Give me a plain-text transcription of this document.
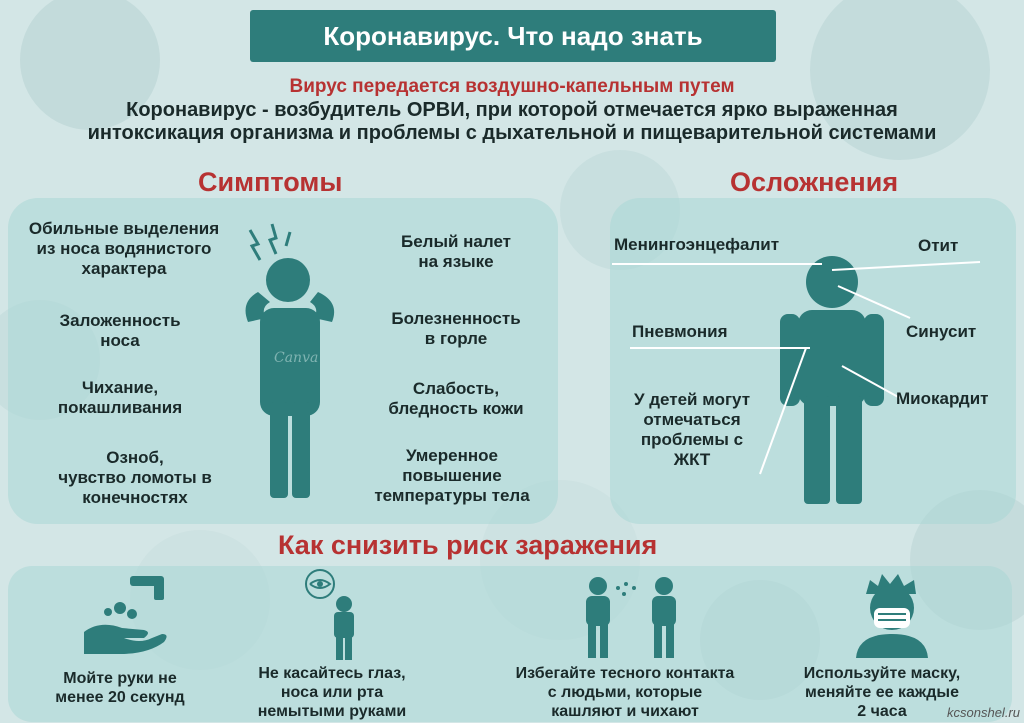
Коронавирус. Что надо знать
Вирус передается воздушно-капельным путем
Коронавирус - возбудитель ОРВИ, при которой отмечается ярко выраженная
интоксикация организма и проблемы с дыхательной и пищеварительной системами
Симптомы
Обильные выделения
из носа водянистого
характера
Заложенность
носа
Чихание,
покашливания
Озноб,
чувство ломоты в
конечностях
Белый налет
на языке
Болезненность
в горле
Слабость,
бледность кожи
Умеренное
повышение
температуры тела
Canva
Осложнения
Менингоэнцефалит	Отит
Пневмония	Синусит
Миокардит
У детей могут
отмечаться
проблемы с
ЖКТ
Как снизить риск заражения
Мойте руки не
менее 20 секунд
Не касайтесь глаз,
носа или рта
немытыми руками
Избегайте тесного контакта
с людьми, которые
кашляют и чихают
Используйте маску,
меняйте ее каждые
2 часа	kcsonshel.ru
